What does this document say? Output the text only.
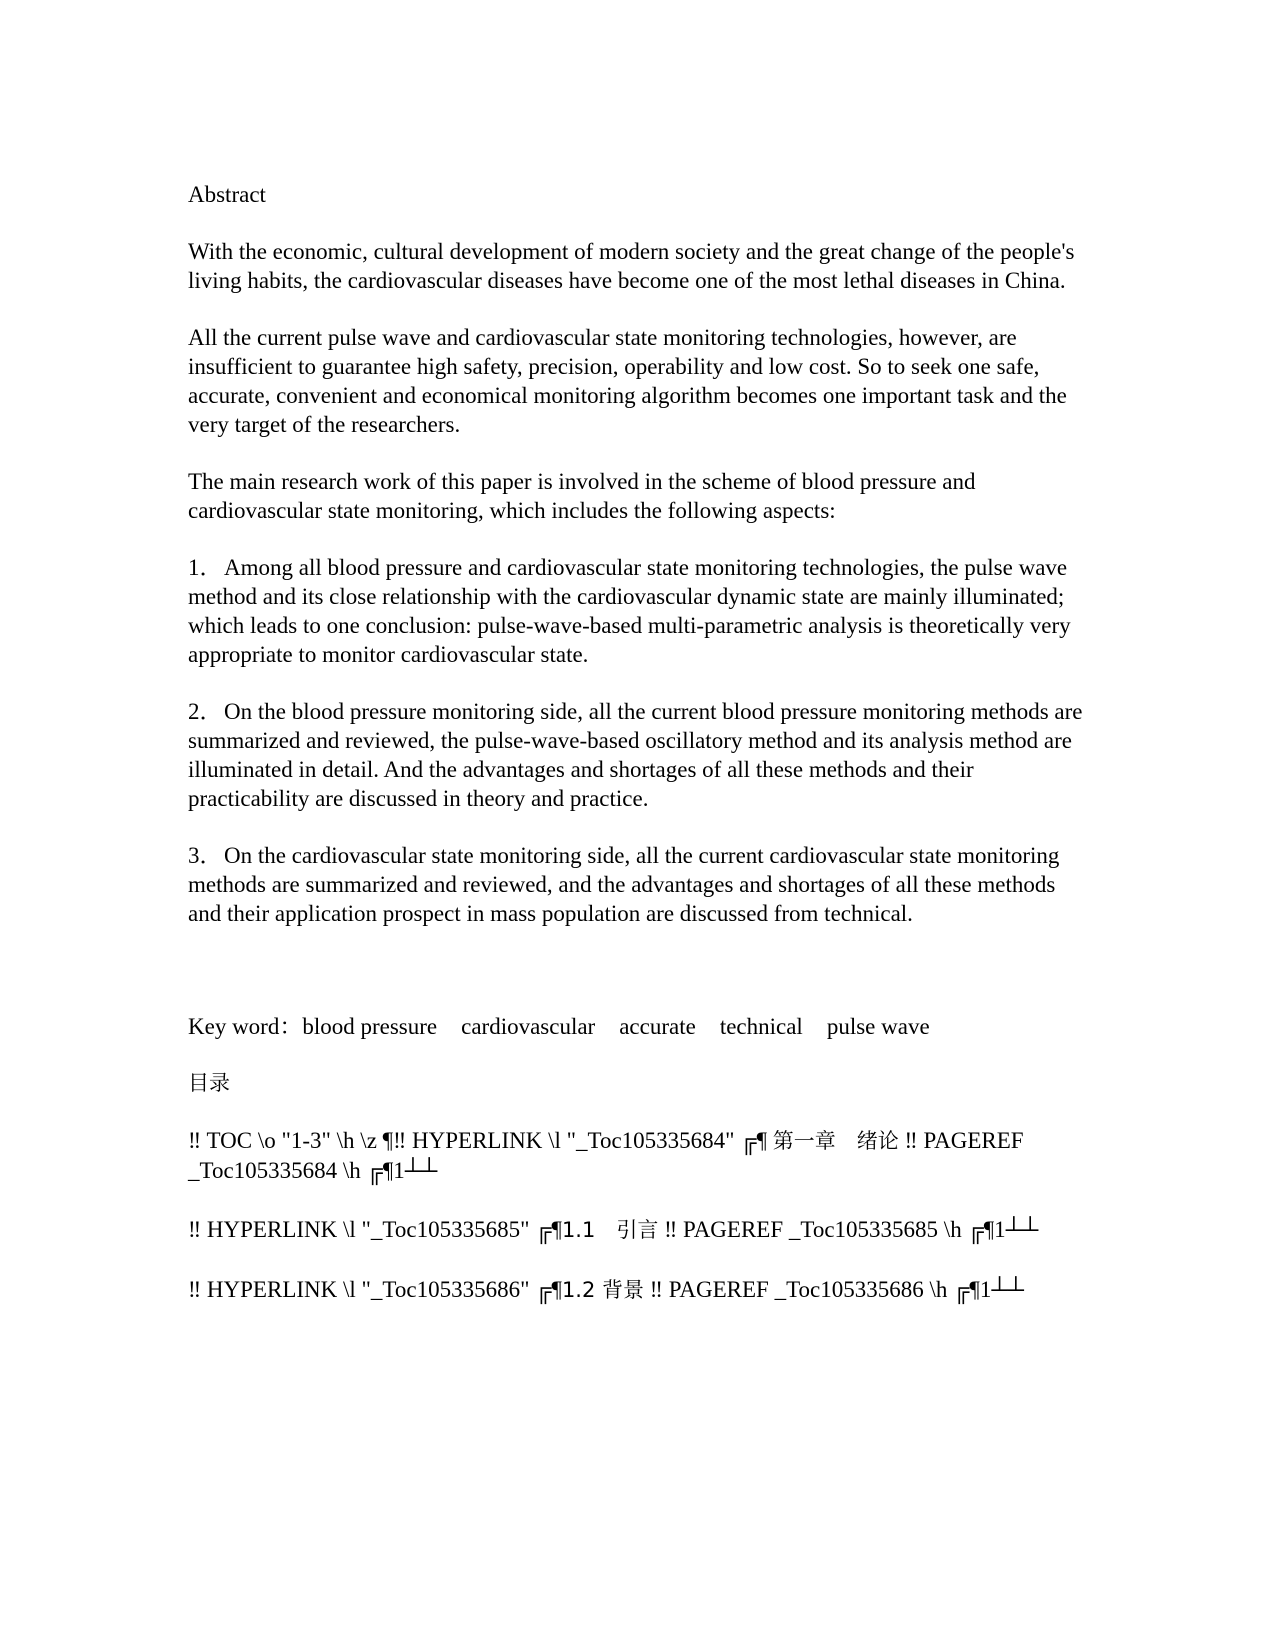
Abstract

With the economic, cultural development of modern society and the great change of the people's living habits, the cardiovascular diseases have become one of the most lethal diseases in China.

All the current pulse wave and cardiovascular state monitoring technologies, however, are insufficient to guarantee high safety, precision, operability and low cost. So to seek one safe, accurate, convenient and economical monitoring algorithm becomes one important task and the very target of the researchers.

The main research work of this paper is involved in the scheme of blood pressure and cardiovascular state monitoring, which includes the following aspects:

1．Among all blood pressure and cardiovascular state monitoring technologies, the pulse wave method and its close relationship with the cardiovascular dynamic state are mainly illuminated; which leads to one conclusion: pulse-wave-based multi-parametric analysis is theoretically very appropriate to monitor cardiovascular state.

2．On the blood pressure monitoring side, all the current blood pressure monitoring methods are summarized and reviewed, the pulse-wave-based oscillatory method and its analysis method are illuminated in detail. And the advantages and shortages of all these methods and their practicability are discussed in theory and practice.

3．On the cardiovascular state monitoring side, all the current cardiovascular state monitoring methods are summarized and reviewed, and the advantages and shortages of all these methods and their application prospect in mass population are discussed from technical.

Key word：blood pressure cardiovascular accurate technical pulse wave

目录

‼ TOC \o "1-3" \h \z ¶‼ HYPERLINK \l "_Toc105335684" ╔¶ 第一章　绪论 ‼ PAGEREF _Toc105335684 \h ╔¶1┴┴

‼ HYPERLINK \l "_Toc105335685" ╔¶1.1　引言 ‼ PAGEREF _Toc105335685 \h ╔¶1┴┴

‼ HYPERLINK \l "_Toc105335686" ╔¶1.2 背景 ‼ PAGEREF _Toc105335686 \h ╔¶1┴┴
